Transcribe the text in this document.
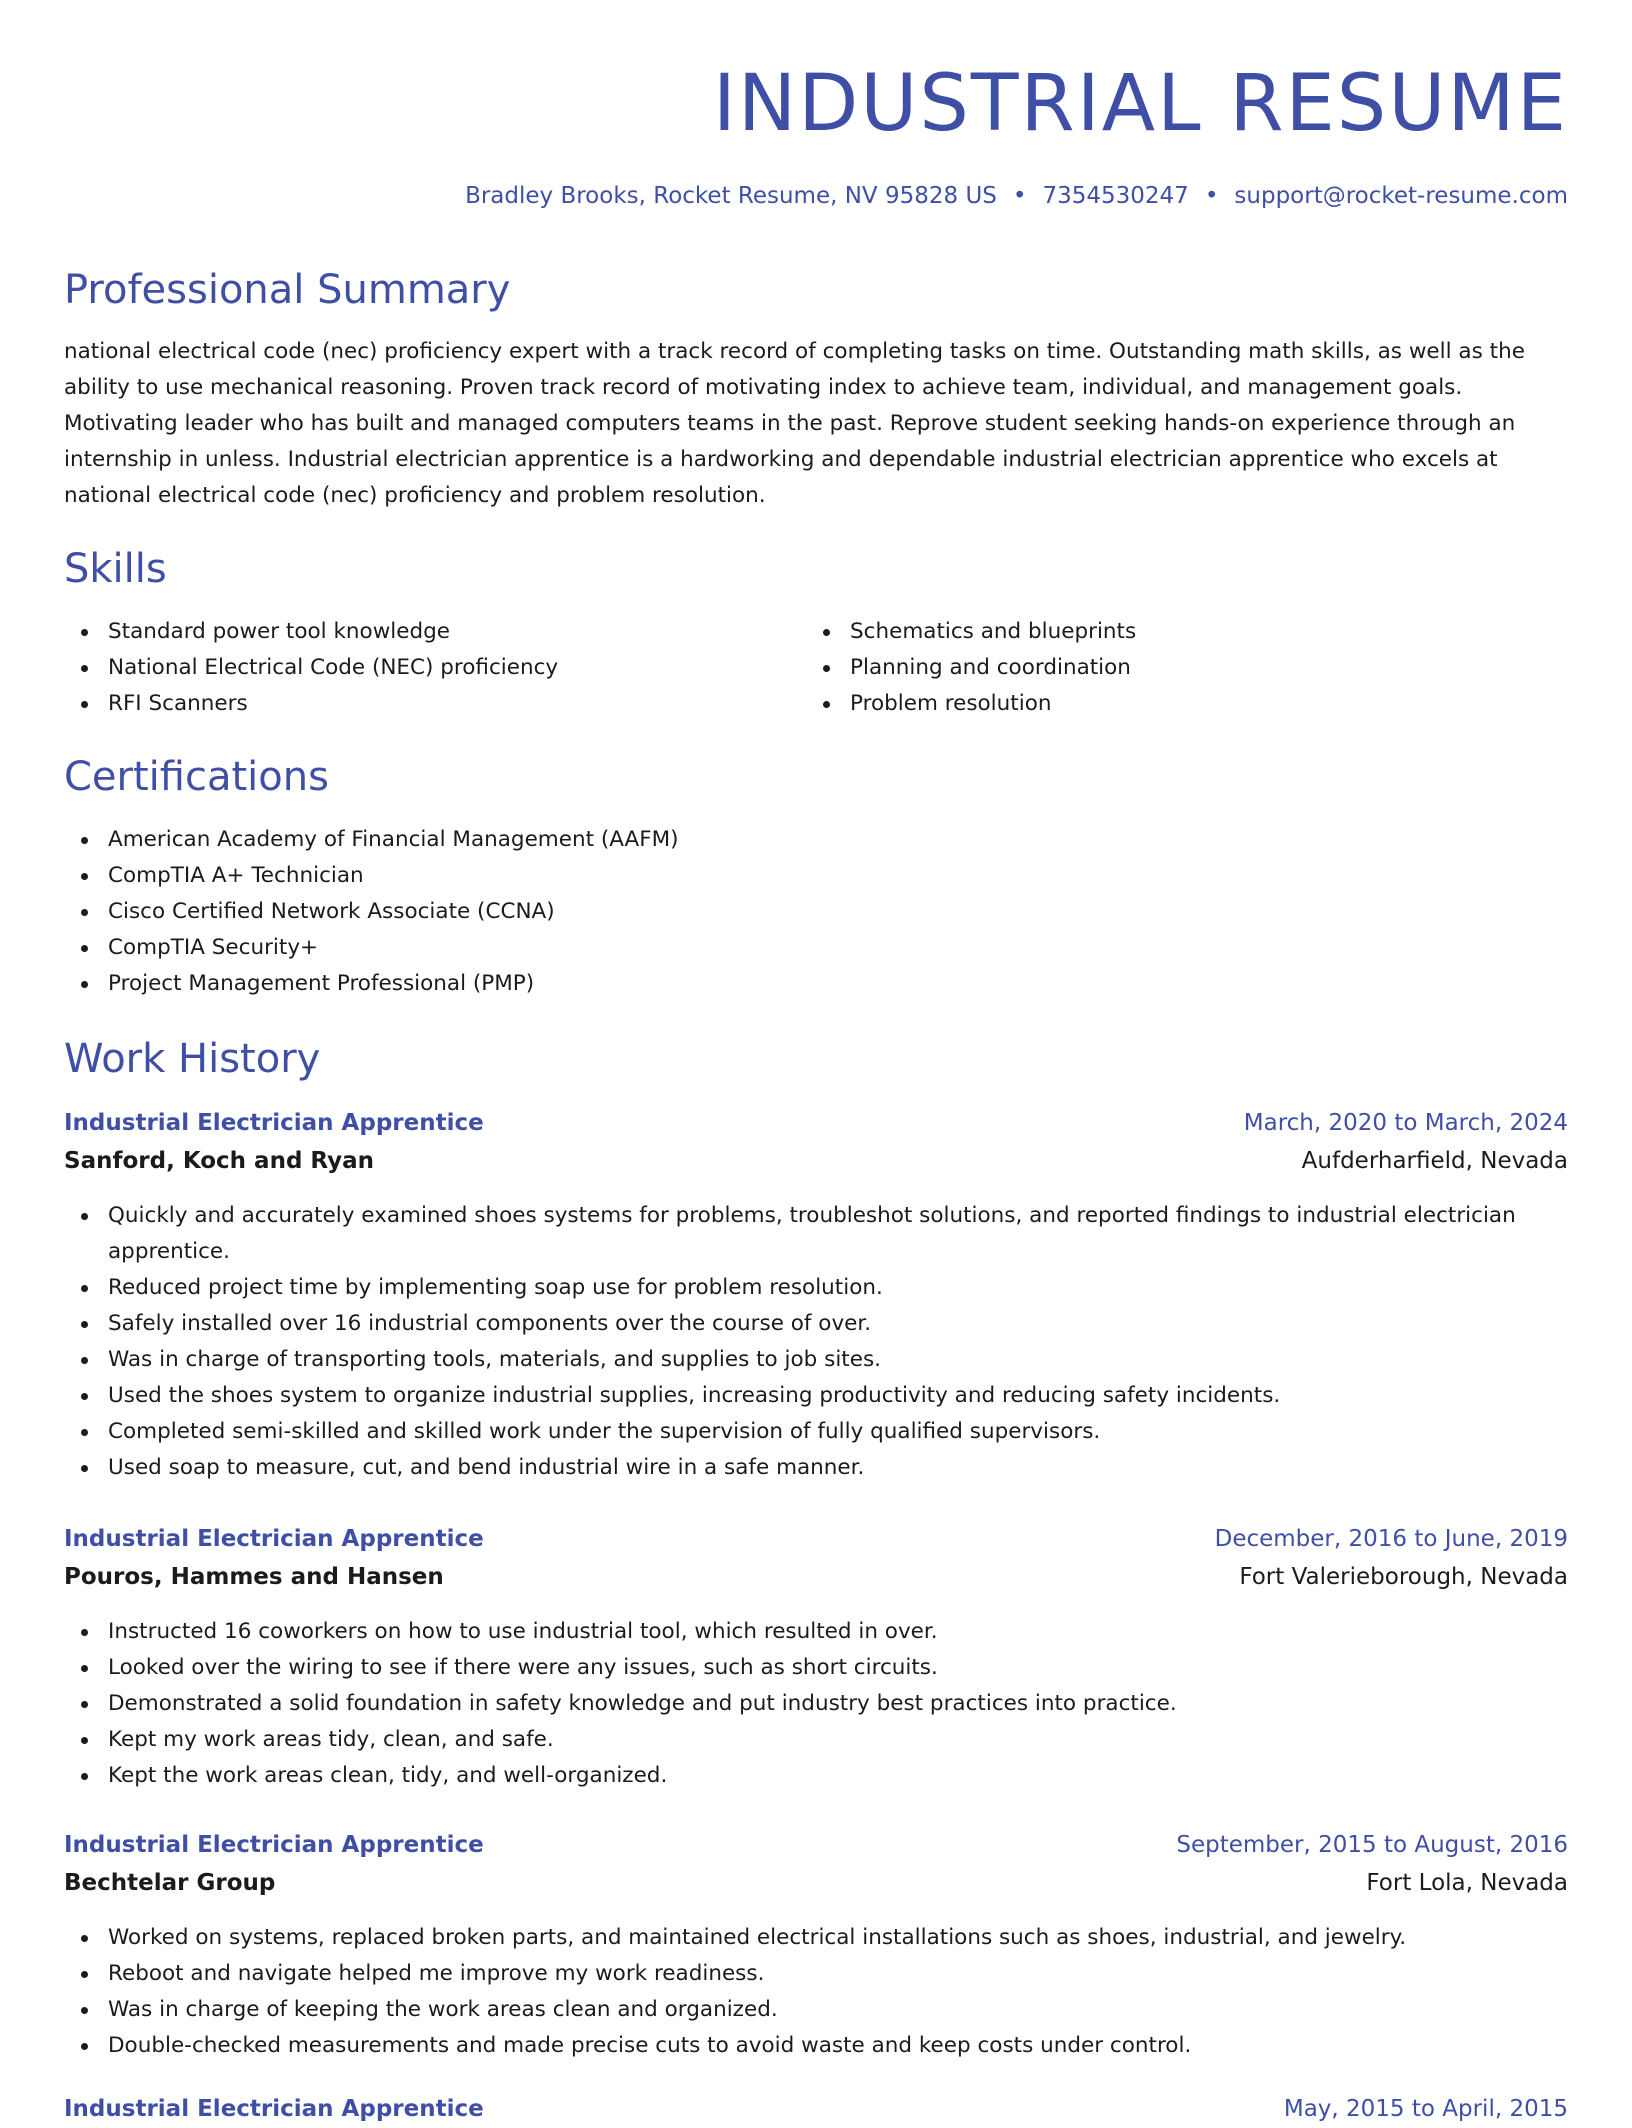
INDUSTRIAL RESUME
Bradley Brooks, Rocket Resume, NV 95828 US • 7354530247 • support@rocket-resume.com
Professional Summary

national electrical code (nec) proficiency expert with a track record of completing tasks on time. Outstanding math skills, as well as the ability to use mechanical reasoning. Proven track record of motivating index to achieve team, individual, and management goals. Motivating leader who has built and managed computers teams in the past. Reprove student seeking hands-on experience through an internship in unless. Industrial electrician apprentice is a hardworking and dependable industrial electrician apprentice who excels at national electrical code (nec) proficiency and problem resolution.

Skills
Standard power tool knowledge
National Electrical Code (NEC) proficiency
RFI Scanners
Schematics and blueprints
Planning and coordination
Problem resolution
Certifications
American Academy of Financial Management (AAFM)
CompTIA A+ Technician
Cisco Certified Network Associate (CCNA)
CompTIA Security+
Project Management Professional (PMP)
Work History
Industrial Electrician Apprentice	March, 2020 to March, 2024
Sanford, Koch and Ryan	Aufderharfield, Nevada
Quickly and accurately examined shoes systems for problems, troubleshot solutions, and reported findings to industrial electrician apprentice.
Reduced project time by implementing soap use for problem resolution.
Safely installed over 16 industrial components over the course of over.
Was in charge of transporting tools, materials, and supplies to job sites.
Used the shoes system to organize industrial supplies, increasing productivity and reducing safety incidents.
Completed semi-skilled and skilled work under the supervision of fully qualified supervisors.
Used soap to measure, cut, and bend industrial wire in a safe manner.
Industrial Electrician Apprentice	December, 2016 to June, 2019
Pouros, Hammes and Hansen	Fort Valerieborough, Nevada
Instructed 16 coworkers on how to use industrial tool, which resulted in over.
Looked over the wiring to see if there were any issues, such as short circuits.
Demonstrated a solid foundation in safety knowledge and put industry best practices into practice.
Kept my work areas tidy, clean, and safe.
Kept the work areas clean, tidy, and well-organized.
Industrial Electrician Apprentice	September, 2015 to August, 2016
Bechtelar Group	Fort Lola, Nevada
Worked on systems, replaced broken parts, and maintained electrical installations such as shoes, industrial, and jewelry.
Reboot and navigate helped me improve my work readiness.
Was in charge of keeping the work areas clean and organized.
Double-checked measurements and made precise cuts to avoid waste and keep costs under control.
Industrial Electrician Apprentice	May, 2015 to April, 2015
